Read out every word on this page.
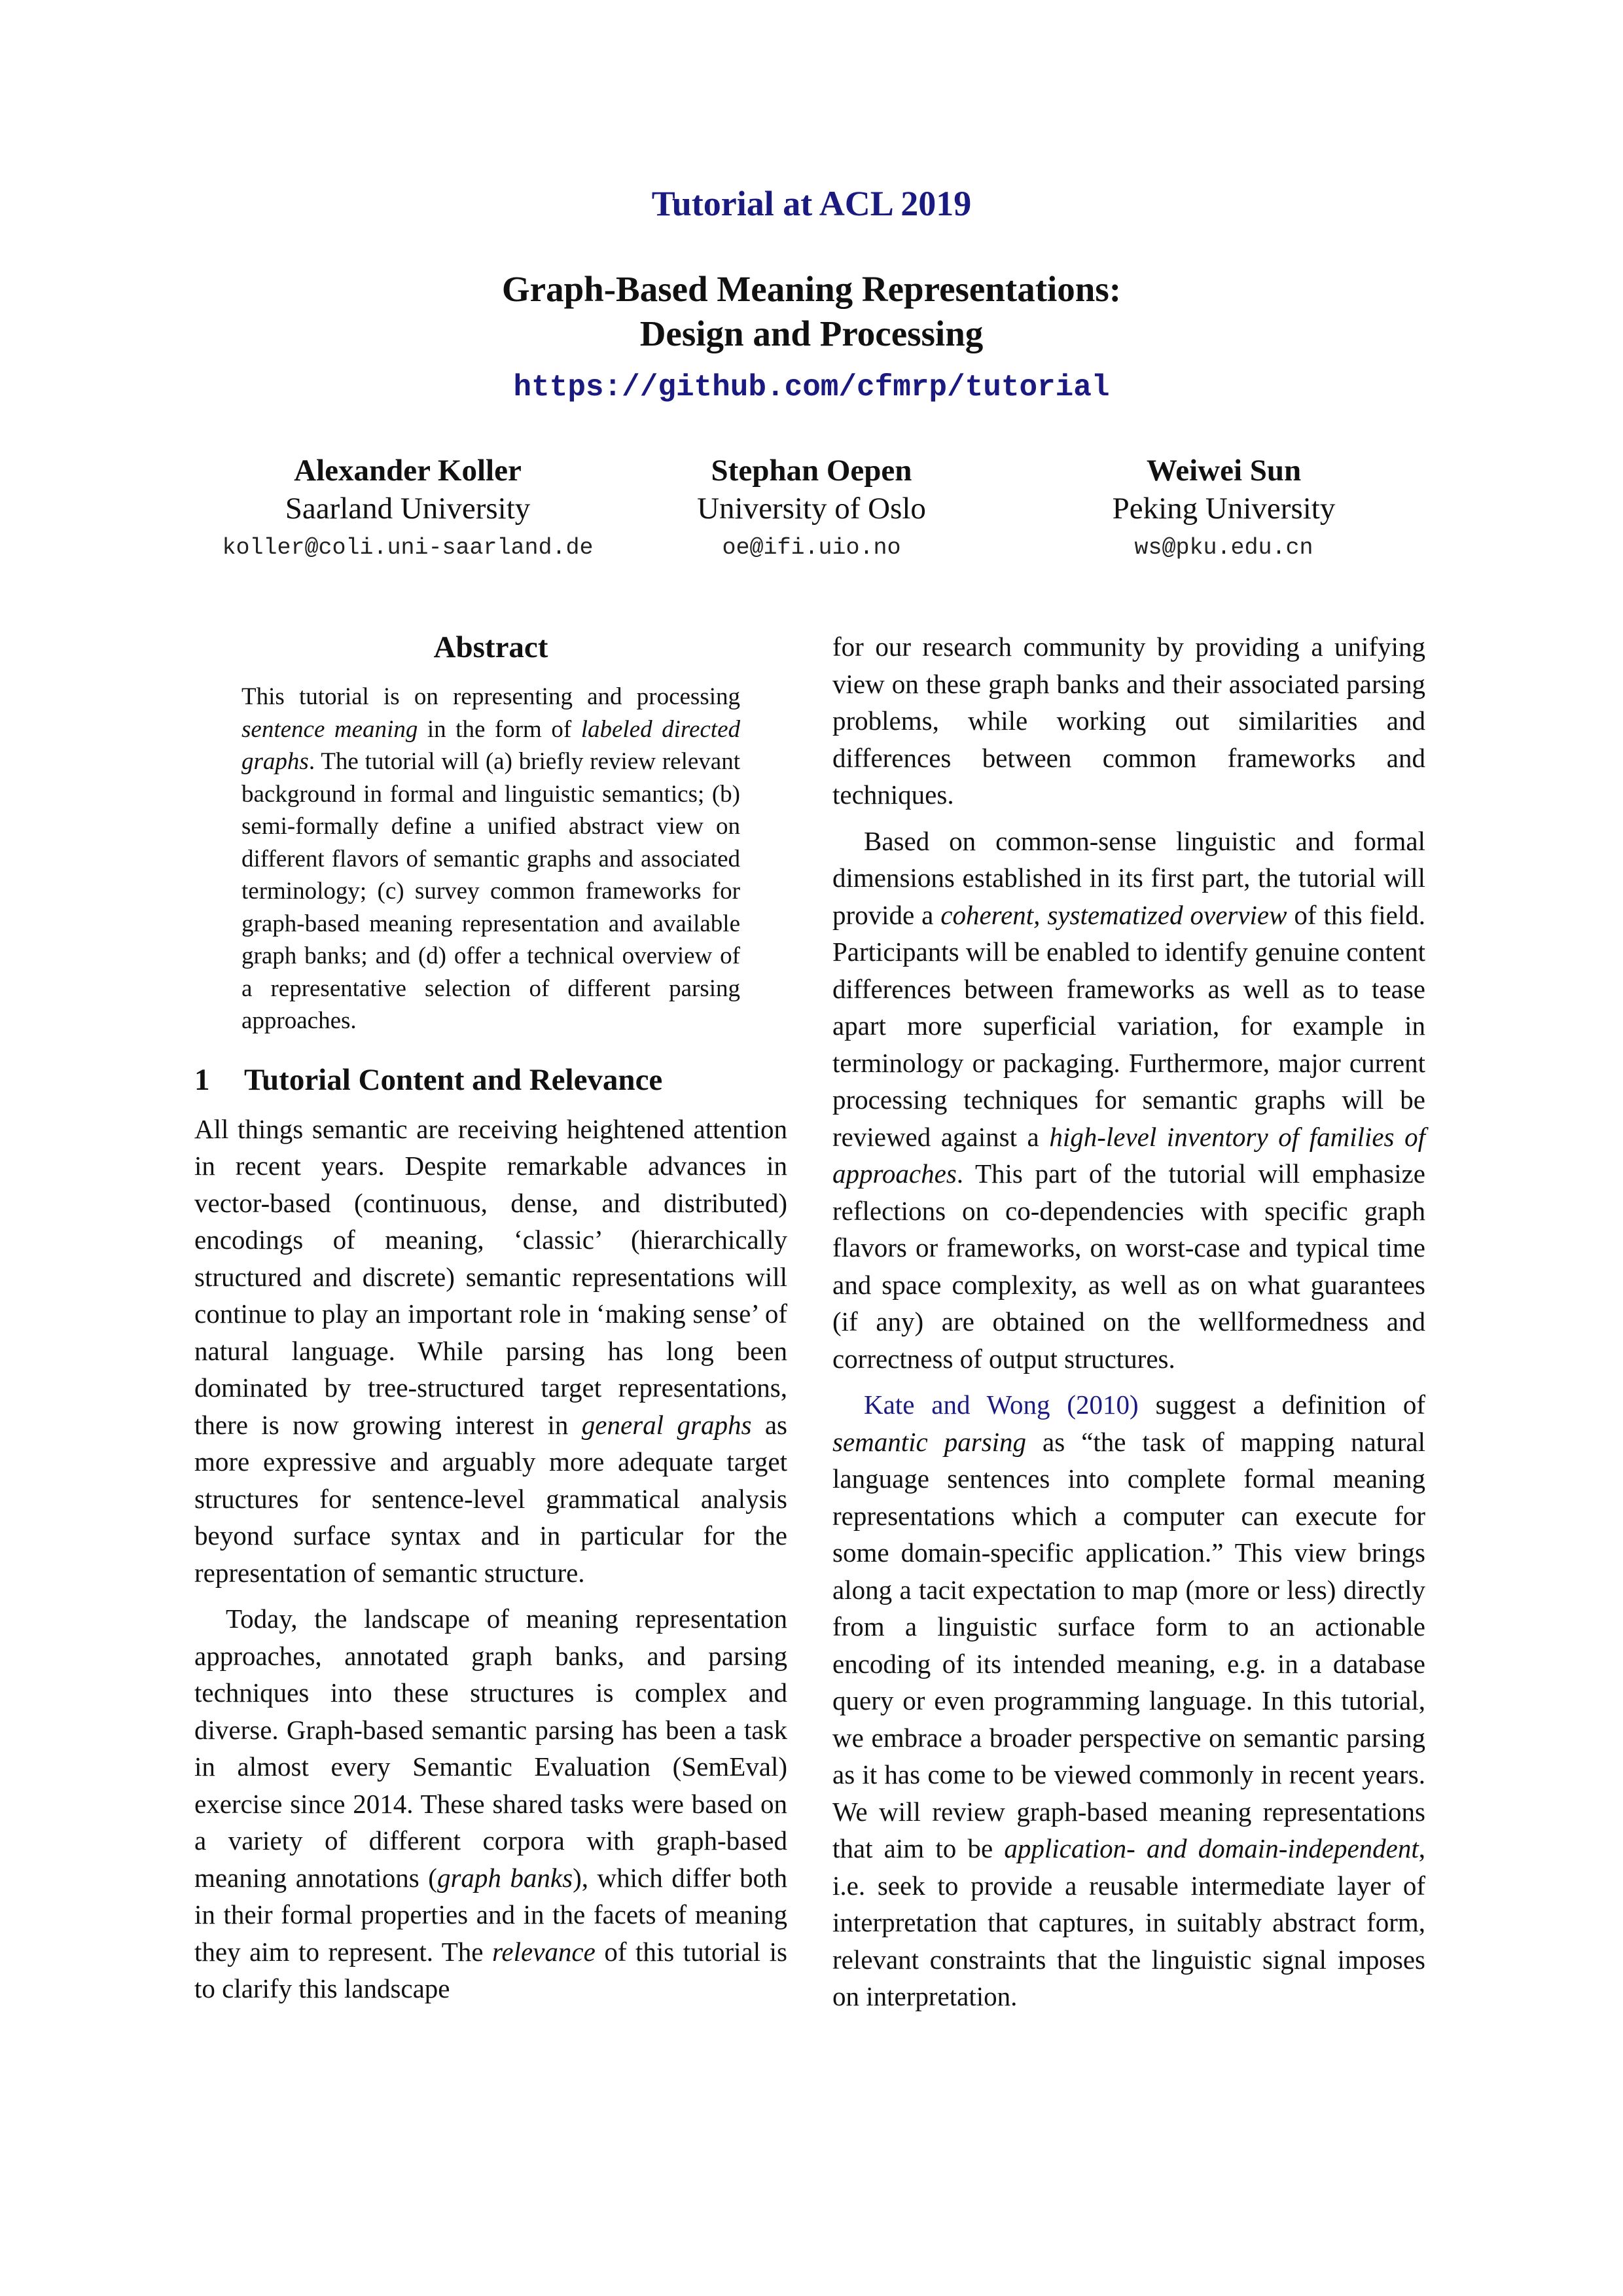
Tutorial at ACL 2019
Graph-Based Meaning Representations:
Design and Processing
https://github.com/cfmrp/tutorial
Alexander Koller
Saarland University
koller@coli.uni-saarland.de
Stephan Oepen
University of Oslo
oe@ifi.uio.no
Weiwei Sun
Peking University
ws@pku.edu.cn
Abstract
This tutorial is on representing and processing sentence meaning in the form of labeled directed graphs. The tutorial will (a) briefly review relevant background in formal and linguistic semantics; (b) semi-formally define a unified abstract view on different flavors of semantic graphs and associated terminology; (c) survey common frameworks for graph-based meaning representation and available graph banks; and (d) offer a technical overview of a representative selection of different parsing approaches.
1 Tutorial Content and Relevance

All things semantic are receiving heightened attention in recent years. Despite remarkable advances in vector-based (continuous, dense, and distributed) encodings of meaning, ‘classic’ (hierarchically structured and discrete) semantic representations will continue to play an important role in ‘making sense’ of natural language. While parsing has long been dominated by tree-structured target representations, there is now growing interest in general graphs as more expressive and arguably more adequate target structures for sentence-level grammatical analysis beyond surface syntax and in particular for the representation of semantic structure.

Today, the landscape of meaning representation approaches, annotated graph banks, and parsing techniques into these structures is complex and diverse. Graph-based semantic parsing has been a task in almost every Semantic Evaluation (SemEval) exercise since 2014. These shared tasks were based on a variety of different corpora with graph-based meaning annotations (graph banks), which differ both in their formal properties and in the facets of meaning they aim to represent. The relevance of this tutorial is to clarify this landscape

for our research community by providing a unifying view on these graph banks and their associated parsing problems, while working out similarities and differences between common frameworks and techniques.

Based on common-sense linguistic and formal dimensions established in its first part, the tutorial will provide a coherent, systematized overview of this field. Participants will be enabled to identify genuine content differences between frameworks as well as to tease apart more superficial variation, for example in terminology or packaging. Furthermore, major current processing techniques for semantic graphs will be reviewed against a high-level inventory of families of approaches. This part of the tutorial will emphasize reflections on co-dependencies with specific graph flavors or frameworks, on worst-case and typical time and space complexity, as well as on what guarantees (if any) are obtained on the wellformedness and correctness of output structures.

Kate and Wong (2010) suggest a definition of semantic parsing as “the task of mapping natural language sentences into complete formal meaning representations which a computer can execute for some domain-specific application.” This view brings along a tacit expectation to map (more or less) directly from a linguistic surface form to an actionable encoding of its intended meaning, e.g. in a database query or even programming language. In this tutorial, we embrace a broader perspective on semantic parsing as it has come to be viewed commonly in recent years. We will review graph-based meaning representations that aim to be application- and domain-independent, i.e. seek to provide a reusable intermediate layer of interpretation that captures, in suitably abstract form, relevant constraints that the linguistic signal imposes on interpretation.
